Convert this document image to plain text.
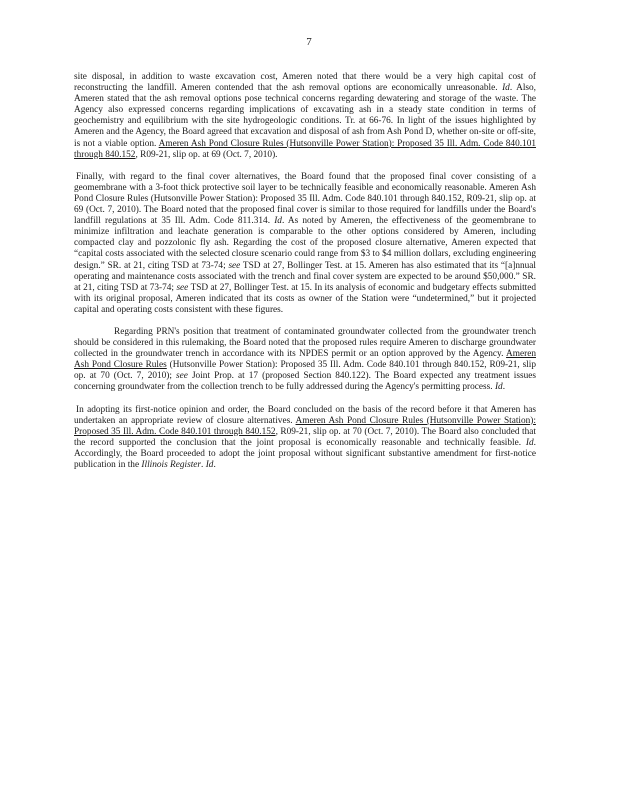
7

site disposal, in addition to waste excavation cost, Ameren noted that there would be a very high capital cost of reconstructing the landfill. Ameren contended that the ash removal options are economically unreasonable. Id. Also, Ameren stated that the ash removal options pose technical concerns regarding dewatering and storage of the waste. The Agency also expressed concerns regarding implications of excavating ash in a steady state condition in terms of geochemistry and equilibrium with the site hydrogeologic conditions. Tr. at 66-76. In light of the issues highlighted by Ameren and the Agency, the Board agreed that excavation and disposal of ash from Ash Pond D, whether on-site or off-site, is not a viable option. Ameren Ash Pond Closure Rules (Hutsonville Power Station): Proposed 35 Ill. Adm. Code 840.101 through 840.152, R09-21, slip op. at 69 (Oct. 7, 2010).

Finally, with regard to the final cover alternatives, the Board found that the proposed final cover consisting of a geomembrane with a 3-foot thick protective soil layer to be technically feasible and economically reasonable. Ameren Ash Pond Closure Rules (Hutsonville Power Station): Proposed 35 Ill. Adm. Code 840.101 through 840.152, R09-21, slip op. at 69 (Oct. 7, 2010). The Board noted that the proposed final cover is similar to those required for landfills under the Board's landfill regulations at 35 Ill. Adm. Code 811.314. Id. As noted by Ameren, the effectiveness of the geomembrane to minimize infiltration and leachate generation is comparable to the other options considered by Ameren, including compacted clay and pozzolonic fly ash. Regarding the cost of the proposed closure alternative, Ameren expected that “capital costs associated with the selected closure scenario could range from $3 to $4 million dollars, excluding engineering design.” SR. at 21, citing TSD at 73-74; see TSD at 27, Bollinger Test. at 15. Ameren has also estimated that its “[a]nnual operating and maintenance costs associated with the trench and final cover system are expected to be around $50,000.” SR. at 21, citing TSD at 73-74; see TSD at 27, Bollinger Test. at 15. In its analysis of economic and budgetary effects submitted with its original proposal, Ameren indicated that its costs as owner of the Station were “undetermined,” but it projected capital and operating costs consistent with these figures.

Regarding PRN's position that treatment of contaminated groundwater collected from the groundwater trench should be considered in this rulemaking, the Board noted that the proposed rules require Ameren to discharge groundwater collected in the groundwater trench in accordance with its NPDES permit or an option approved by the Agency. Ameren Ash Pond Closure Rules (Hutsonville Power Station): Proposed 35 Ill. Adm. Code 840.101 through 840.152, R09-21, slip op. at 70 (Oct. 7, 2010); see Joint Prop. at 17 (proposed Section 840.122). The Board expected any treatment issues concerning groundwater from the collection trench to be fully addressed during the Agency's permitting process. Id.

In adopting its first-notice opinion and order, the Board concluded on the basis of the record before it that Ameren has undertaken an appropriate review of closure alternatives. Ameren Ash Pond Closure Rules (Hutsonville Power Station): Proposed 35 Ill. Adm. Code 840.101 through 840.152, R09-21, slip op. at 70 (Oct. 7, 2010). The Board also concluded that the record supported the conclusion that the joint proposal is economically reasonable and technically feasible. Id. Accordingly, the Board proceeded to adopt the joint proposal without significant substantive amendment for first-notice publication in the Illinois Register. Id.
